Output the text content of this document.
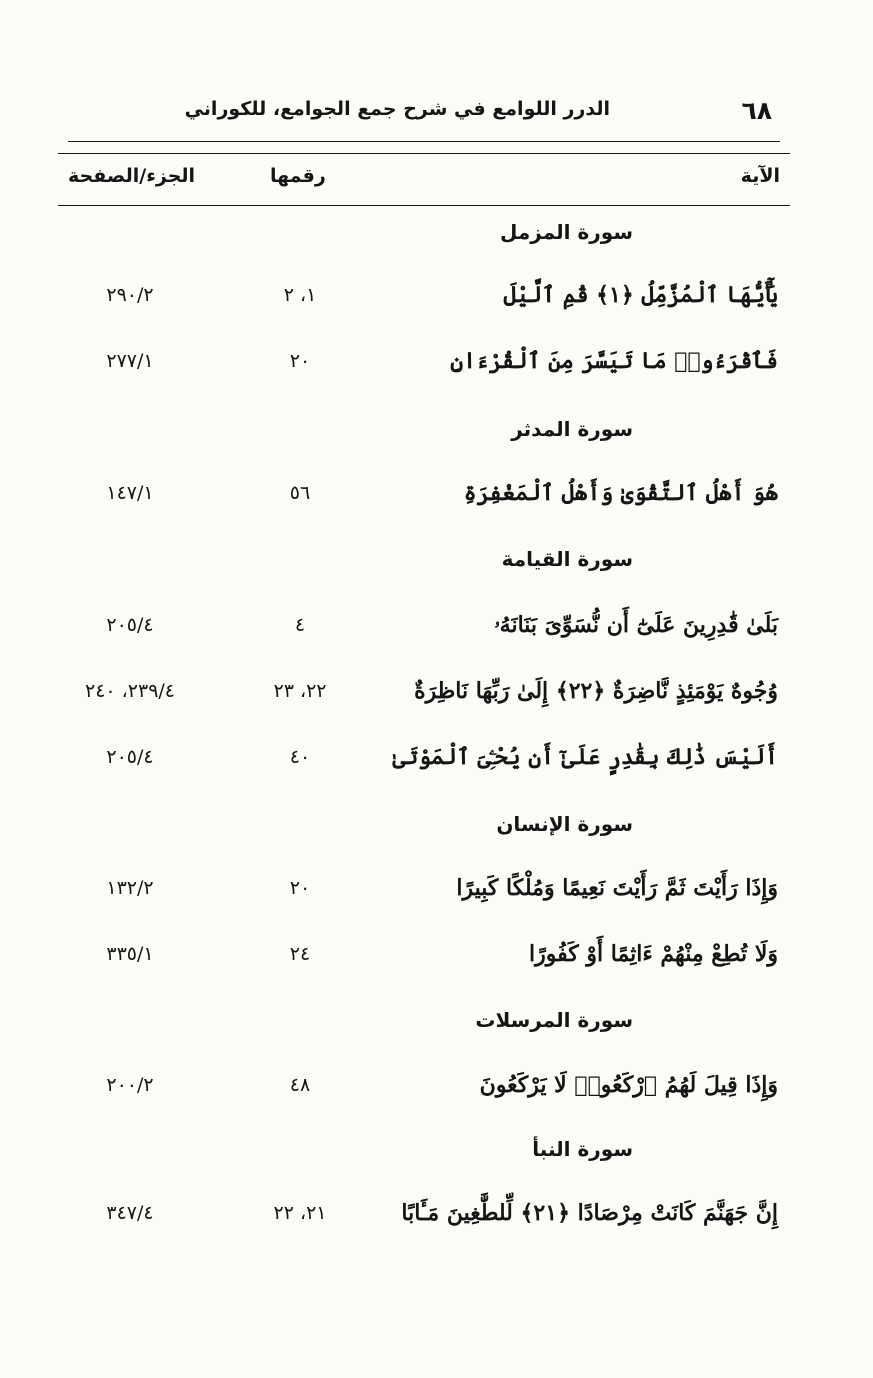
٦٨
الدرر اللوامع في شرح جمع الجوامع، للكوراني
الآية
رقمها
الجزء/الصفحة
سورة المزمل
يَٰٓأَيُّهَا ٱلْمُزَّمِّلُ ﴿١﴾ قُمِ ٱلَّيْلَ
١، ٢
٢٩٠/٢
فَٱقْرَءُوا۟ مَا تَيَسَّرَ مِنَ ٱلْقُرْءَانِ
٢٠
٢٧٧/١
سورة المدثر
هُوَ أَهْلُ ٱلتَّقْوَىٰ وَأَهْلُ ٱلْمَغْفِرَةِ
٥٦
١٤٧/١
سورة القيامة
بَلَىٰ قَٰدِرِينَ عَلَىٰٓ أَن نُّسَوِّىَ بَنَانَهُۥ
٤
٢٠٥/٤
وُجُوهٌ يَوْمَئِذٍ نَّاضِرَةٌ ﴿٢٢﴾ إِلَىٰ رَبِّهَا نَاظِرَةٌ
٢٢، ٢٣
٢٣٩/٤، ٢٤٠
أَلَيْسَ ذَٰلِكَ بِقَٰدِرٍ عَلَىٰٓ أَن يُحْـِۧىَ ٱلْمَوْتَىٰ
٤٠
٢٠٥/٤
سورة الإنسان
وَإِذَا رَأَيْتَ ثَمَّ رَأَيْتَ نَعِيمًا وَمُلْكًا كَبِيرًا
٢٠
١٣٢/٢
وَلَا تُطِعْ مِنْهُمْ ءَاثِمًا أَوْ كَفُورًا
٢٤
٣٣٥/١
سورة المرسلات
وَإِذَا قِيلَ لَهُمُ ٱرْكَعُوا۟ لَا يَرْكَعُونَ
٤٨
٢٠٠/٢
سورة النبأ
إِنَّ جَهَنَّمَ كَانَتْ مِرْصَادًا ﴿٢١﴾ لِّلطَّٰغِينَ مَـَٔابًا
٢١، ٢٢
٣٤٧/٤
